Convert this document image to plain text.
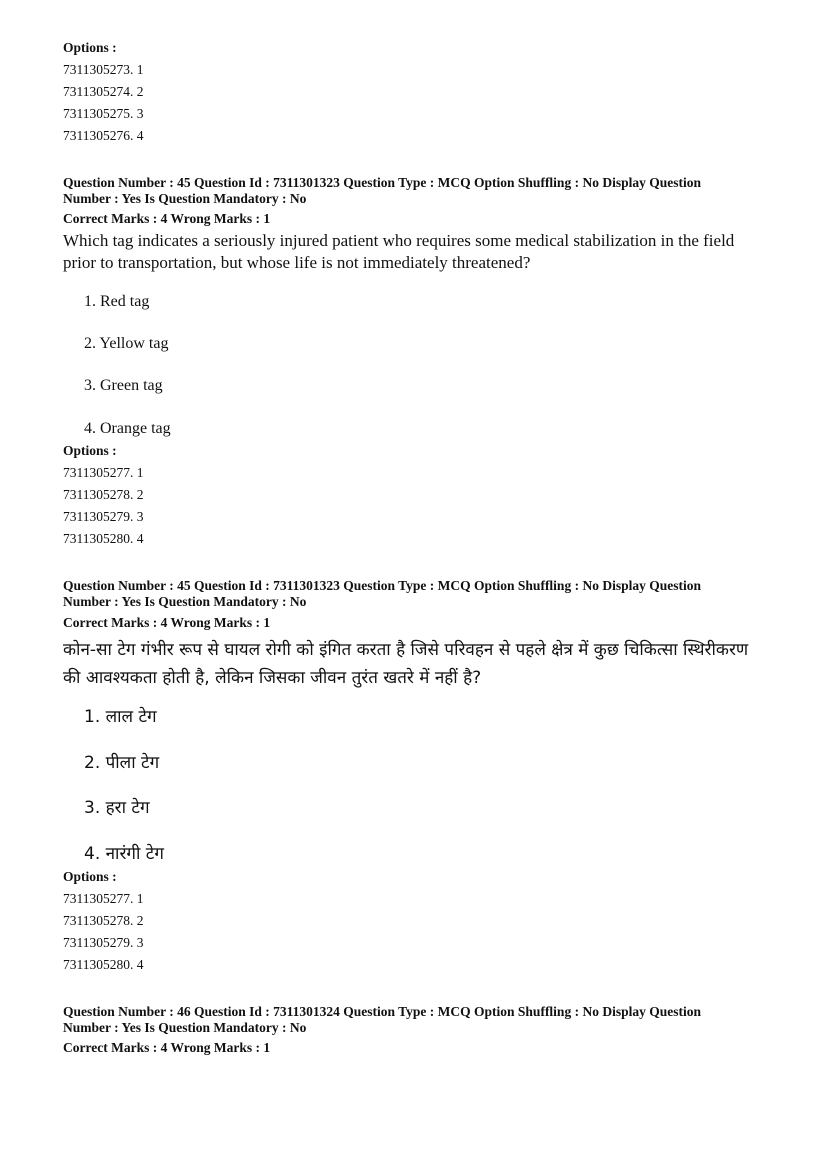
Options :
7311305273. 1
7311305274. 2
7311305275. 3
7311305276. 4
Question Number : 45 Question Id : 7311301323 Question Type : MCQ Option Shuffling : No Display Question
Number : Yes Is Question Mandatory : No
Correct Marks : 4 Wrong Marks : 1
Which tag indicates a seriously injured patient who requires some medical stabilization in the field prior to transportation, but whose life is not immediately threatened?
1. Red tag
2. Yellow tag
3. Green tag
4. Orange tag
Options :
7311305277. 1
7311305278. 2
7311305279. 3
7311305280. 4
Question Number : 45 Question Id : 7311301323 Question Type : MCQ Option Shuffling : No Display Question
Number : Yes Is Question Mandatory : No
Correct Marks : 4 Wrong Marks : 1
कोन-सा टेग गंभीर रूप से घायल रोगी को इंगित करता है जिसे परिवहन से पहले क्षेत्र में कुछ चिकित्सा स्थिरीकरण की आवश्यकता होती है, लेकिन जिसका जीवन तुरंत खतरे में नहीं है?
1. लाल टेग
2. पीला टेग
3. हरा टेग
4. नारंगी टेग
Options :
7311305277. 1
7311305278. 2
7311305279. 3
7311305280. 4
Question Number : 46 Question Id : 7311301324 Question Type : MCQ Option Shuffling : No Display Question
Number : Yes Is Question Mandatory : No
Correct Marks : 4 Wrong Marks : 1
